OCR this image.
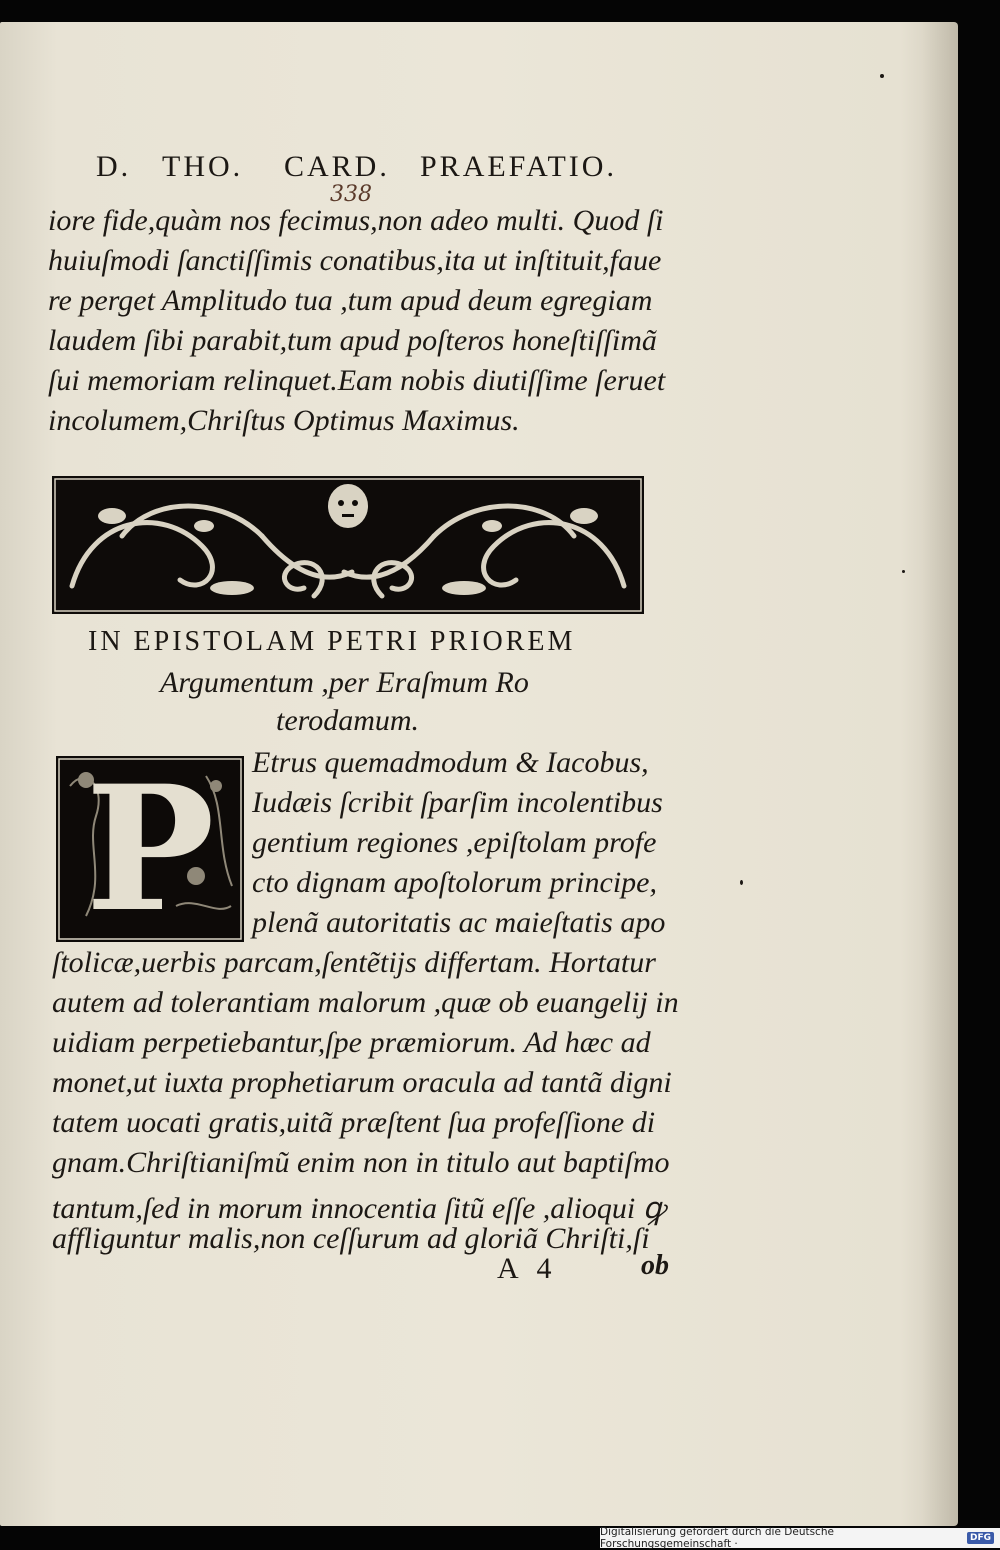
D. THO. CARD. PRAEFATIO.
338
iore fide,quàm nos fecimus,non adeo multi. Quod ſi
huiuſmodi ſanctiſſimis conatibus,ita ut inſtituit,faue
re perget Amplitudo tua ,tum apud deum egregiam
laudem ſibi parabit,tum apud poſteros honeſtiſſimã
ſui memoriam relinquet.Eam nobis diutiſſime ſeruet
incolumem,Chriſtus Optimus Maximus.
IN EPISTOLAM PETRI PRIOREM
Argumentum ,per Eraſmum Ro
terodamum.
P	Etrus quemadmodum & Iacobus,
Iudæis ſcribit ſparſim incolentibus
gentium regiones ,epiſtolam profe
cto dignam apoſtolorum principe,
plenã autoritatis ac maieſtatis apo
ſtolicæ,uerbis parcam,ſentẽtijs differtam. Hortatur
autem ad tolerantiam malorum ,quæ ob euangelij in
uidiam perpetiebantur,ſpe præmiorum. Ad hæc ad
monet,ut iuxta prophetiarum oracula ad tantã digni
tatem uocati gratis,uitã præſtent ſua profeſſione di
gnam.Chriſtianiſmũ enim non in titulo aut baptiſmo
tantum,ſed in morum innocentia ſitũ eſſe ,alioqui ꝙ
affliguntur malis,non ceſſurum ad gloriã Chriſti,ſi
A 4	ob
Digitalisierung gefördert durch die Deutsche Forschungsgemeinschaft ·	DFG
